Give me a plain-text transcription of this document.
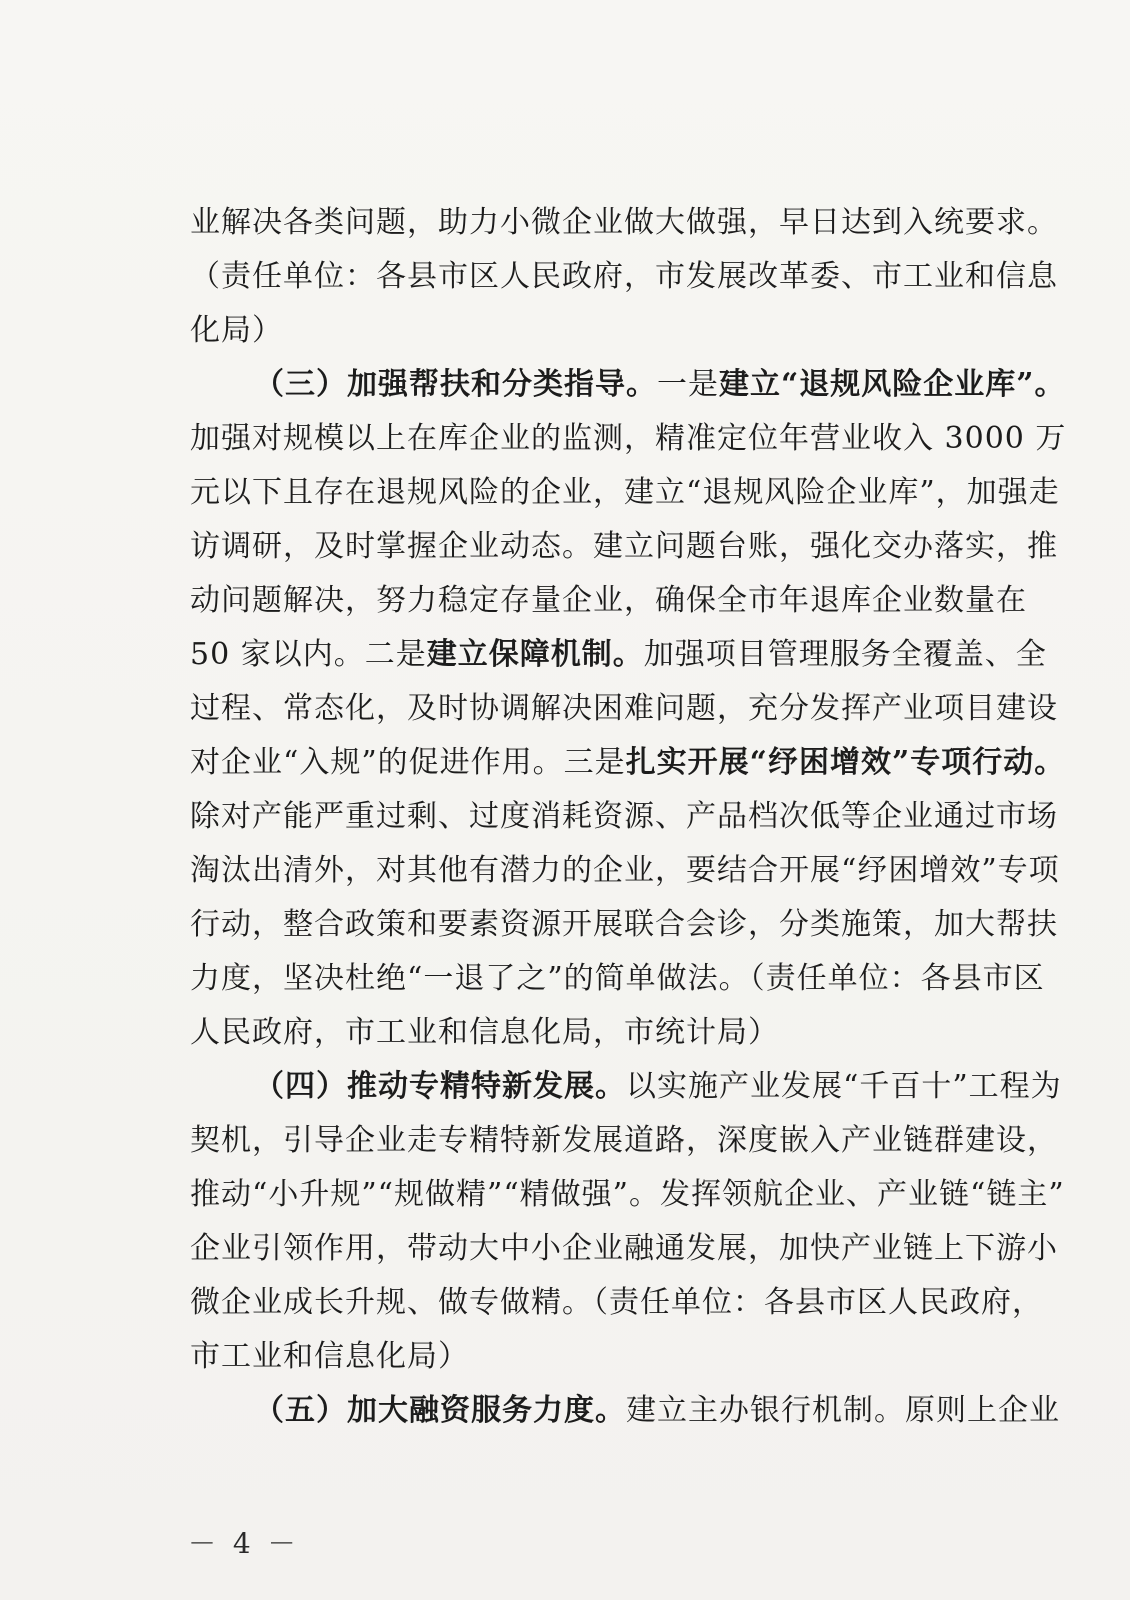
业解决各类问题，助力小微企业做大做强，早日达到入统要求。
（责任单位：各县市区人民政府，市发展改革委、市工业和信息
化局）
（三）加强帮扶和分类指导。一是建立“退规风险企业库”。
加强对规模以上在库企业的监测，精准定位年营业收入 3000 万
元以下且存在退规风险的企业，建立“退规风险企业库”，加强走
访调研，及时掌握企业动态。建立问题台账，强化交办落实，推
动问题解决，努力稳定存量企业，确保全市年退库企业数量在
50 家以内。二是建立保障机制。加强项目管理服务全覆盖、全
过程、常态化，及时协调解决困难问题，充分发挥产业项目建设
对企业“入规”的促进作用。三是扎实开展“纾困增效”专项行动。
除对产能严重过剩、过度消耗资源、产品档次低等企业通过市场
淘汰出清外，对其他有潜力的企业，要结合开展“纾困增效”专项
行动，整合政策和要素资源开展联合会诊，分类施策，加大帮扶
力度，坚决杜绝“一退了之”的简单做法。（责任单位：各县市区
人民政府，市工业和信息化局，市统计局）
（四）推动专精特新发展。以实施产业发展“千百十”工程为
契机，引导企业走专精特新发展道路，深度嵌入产业链群建设，
推动“小升规”“规做精”“精做强”。发挥领航企业、产业链“链主”
企业引领作用，带动大中小企业融通发展，加快产业链上下游小
微企业成长升规、做专做精。（责任单位：各县市区人民政府，
市工业和信息化局）
（五）加大融资服务力度。建立主办银行机制。原则上企业
－ 4 －
